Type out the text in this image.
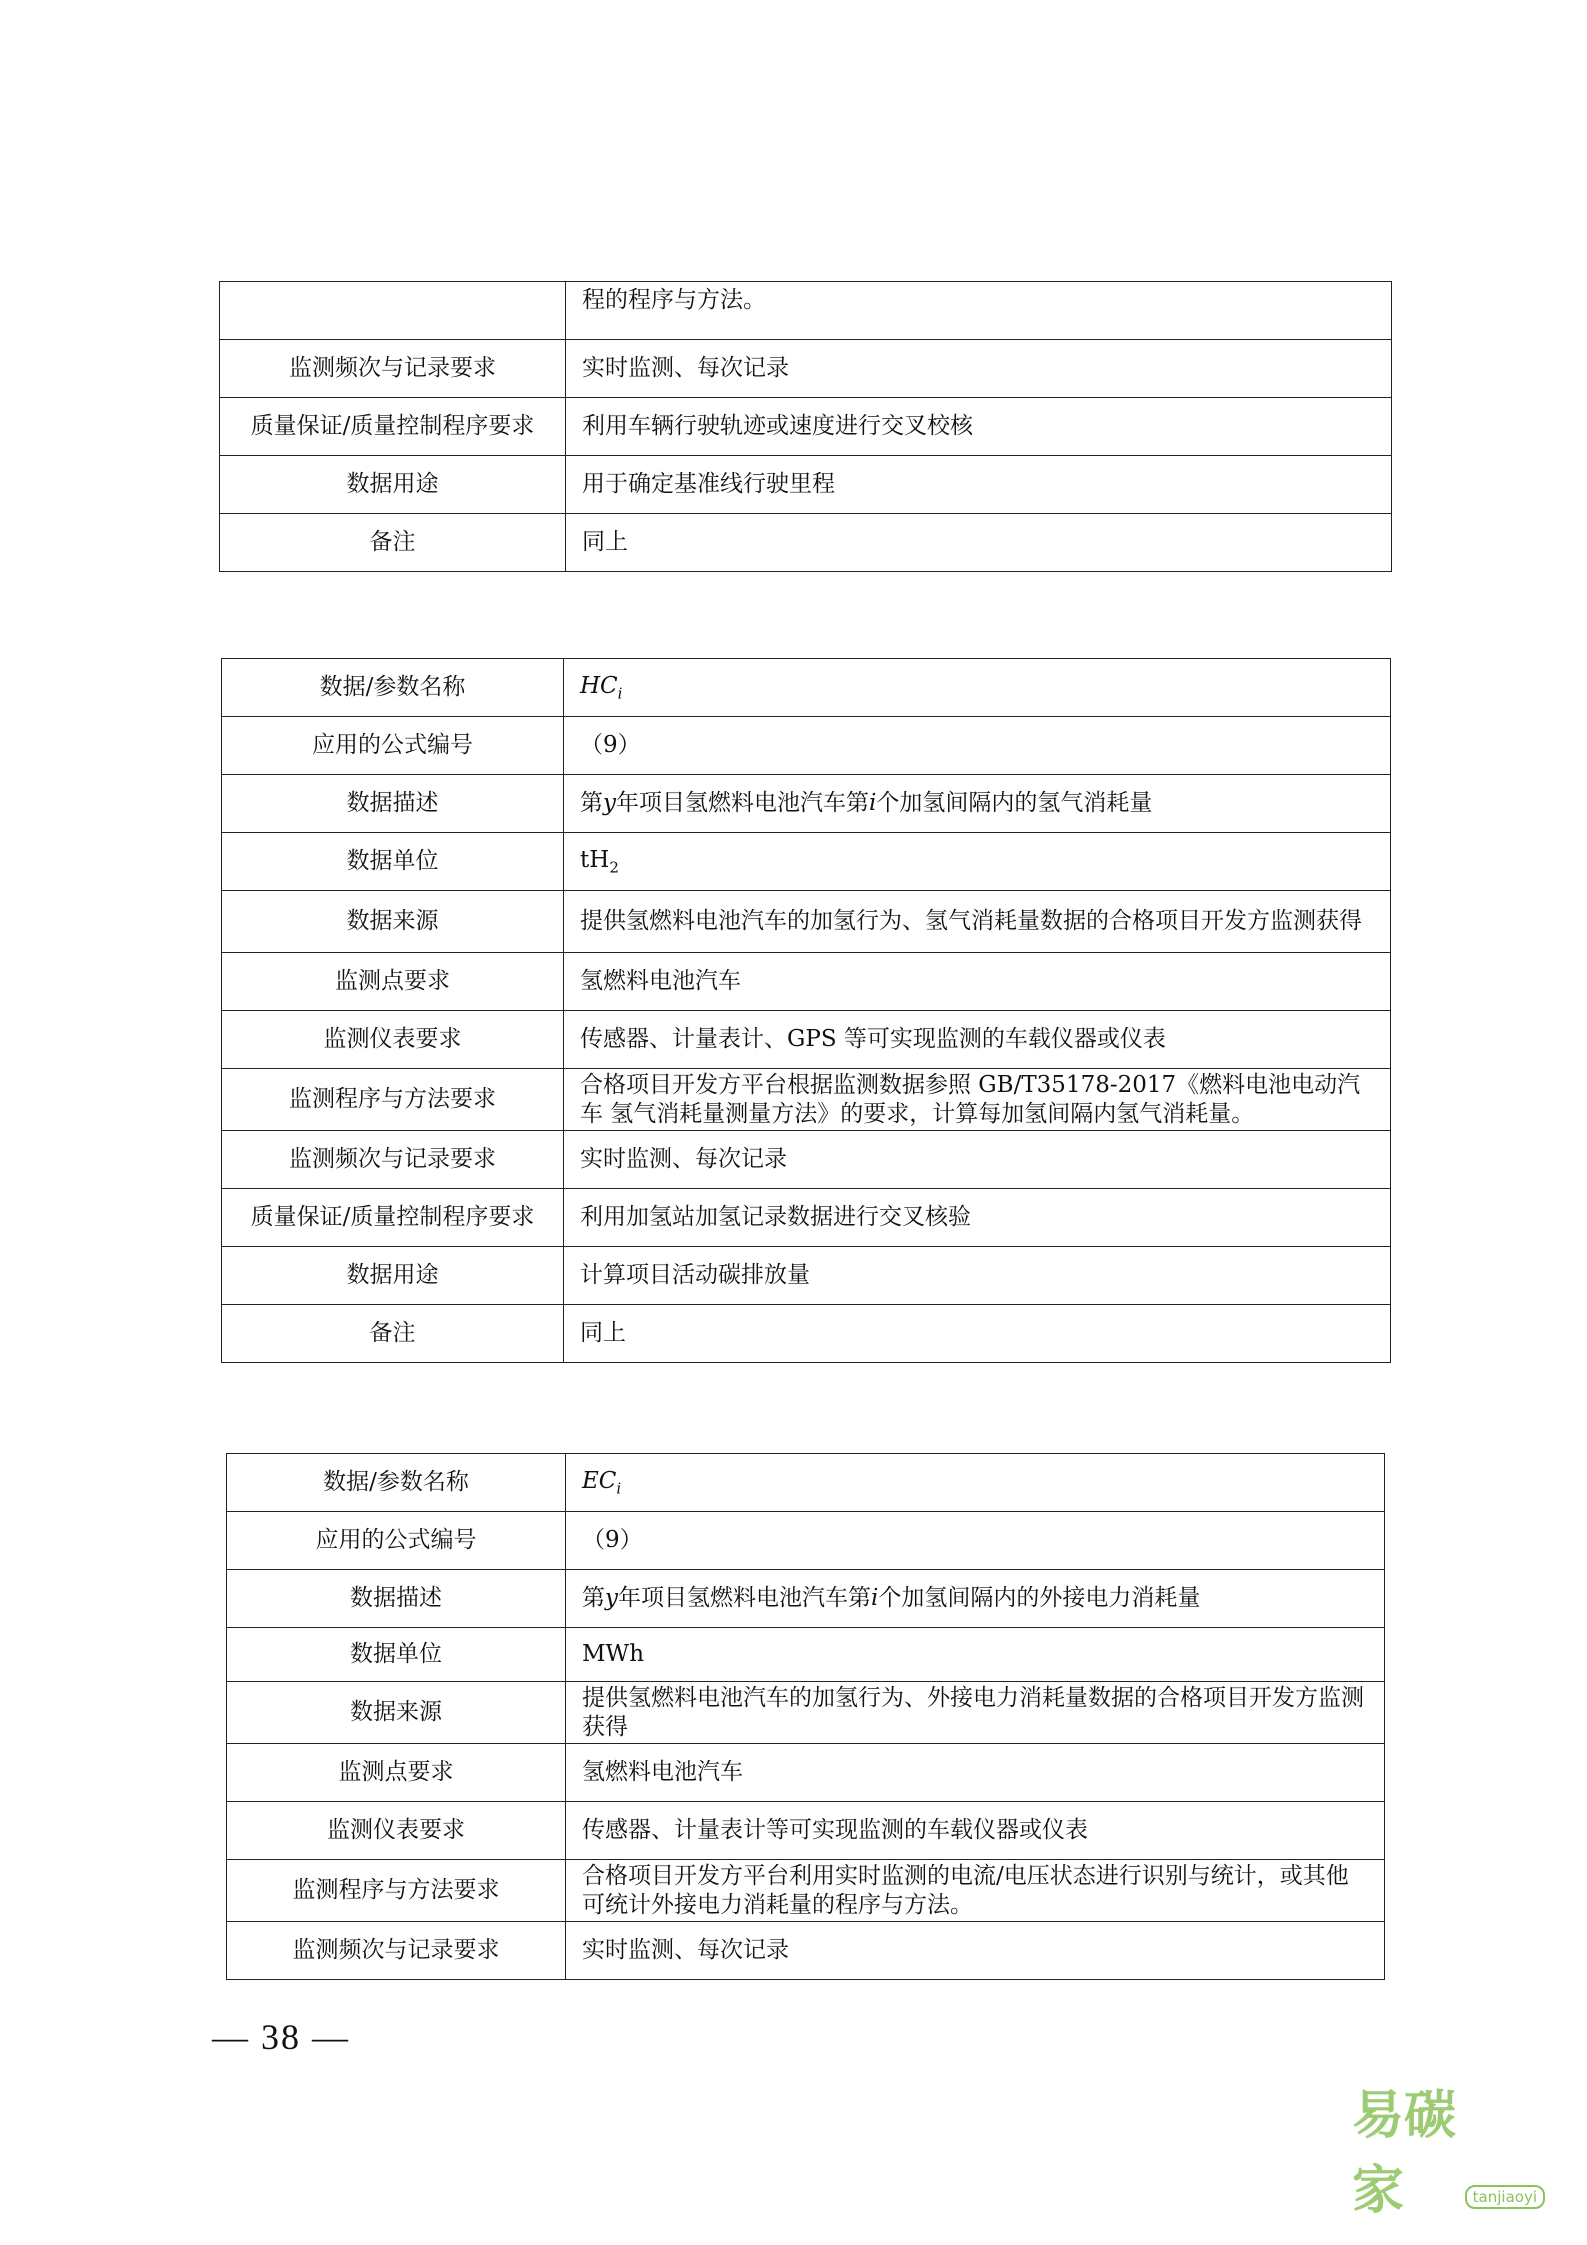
	程的程序与方法。
监测频次与记录要求	实时监测、每次记录
质量保证/质量控制程序要求	利用车辆行驶轨迹或速度进行交叉校核
数据用途	用于确定基准线行驶里程
备注	同上
数据/参数名称	$HC_i$
应用的公式编号	（9）
数据描述	第y年项目氢燃料电池汽车第i个加氢间隔内的氢气消耗量
数据单位	$tH_2$
数据来源	提供氢燃料电池汽车的加氢行为、氢气消耗量数据的合格项目开发方监测获得
监测点要求	氢燃料电池汽车
监测仪表要求	传感器、计量表计、GPS 等可实现监测的车载仪器或仪表
监测程序与方法要求	合格项目开发方平台根据监测数据参照 GB/T35178-2017《燃料电池电动汽车 氢气消耗量测量方法》的要求，计算每加氢间隔内氢气消耗量。
监测频次与记录要求	实时监测、每次记录
质量保证/质量控制程序要求	利用加氢站加氢记录数据进行交叉核验
数据用途	计算项目活动碳排放量
备注	同上
数据/参数名称	$EC_i$
应用的公式编号	（9）
数据描述	第y年项目氢燃料电池汽车第i个加氢间隔内的外接电力消耗量
数据单位	MWh
数据来源	提供氢燃料电池汽车的加氢行为、外接电力消耗量数据的合格项目开发方监测获得
监测点要求	氢燃料电池汽车
监测仪表要求	传感器、计量表计等可实现监测的车载仪器或仪表
监测程序与方法要求	合格项目开发方平台利用实时监测的电流/电压状态进行识别与统计，或其他可统计外接电力消耗量的程序与方法。
监测频次与记录要求	实时监测、每次记录
— 38 —
易碳家	tanjiaoyi
